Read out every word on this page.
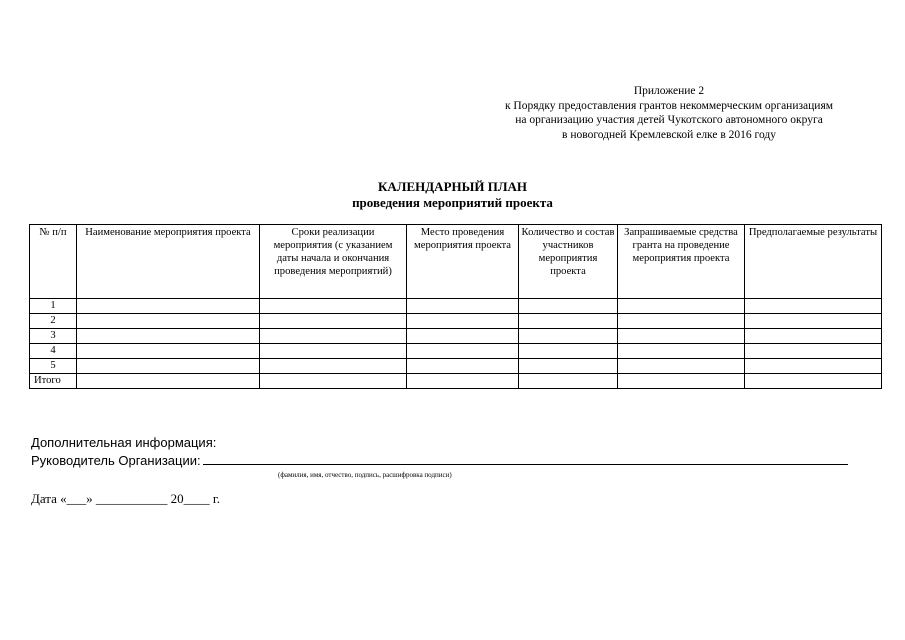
Приложение 2
к Порядку предоставления грантов некоммерческим организациям
на организацию участия детей Чукотского автономного округа
в новогодней Кремлевской елке в 2016 году
КАЛЕНДАРНЫЙ ПЛАН
проведения мероприятий проекта
№ п/п	Наименование мероприятия проекта	Сроки реализации мероприятия (с указанием даты начала и окончания проведения мероприятий)	Место проведения мероприятия проекта	Количество и состав участников мероприятия проекта	Запрашиваемые средства гранта на проведение мероприятия проекта	Предполагаемые результаты
1						
2						
3						
4						
5						
Итого						
Дополнительная информация:
Руководитель Организации:
(фамилия, имя, отчество, подпись, расшифровка подписи)
Дата «___» ___________ 20____ г.
